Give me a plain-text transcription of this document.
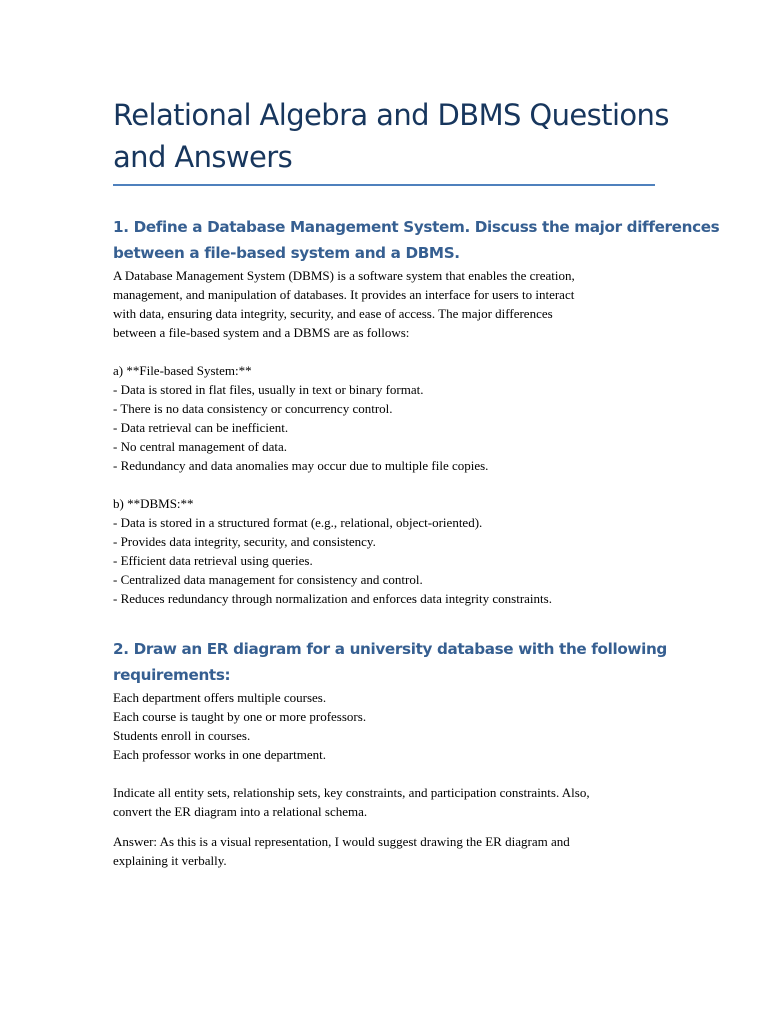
Relational Algebra and DBMS Questions
and Answers
1. Define a Database Management System. Discuss the major differences
between a file-based system and a DBMS.

A Database Management System (DBMS) is a software system that enables the creation,
management, and manipulation of databases. It provides an interface for users to interact
with data, ensuring data integrity, security, and ease of access. The major differences
between a file-based system and a DBMS are as follows:

a) **File-based System:**
- Data is stored in flat files, usually in text or binary format.
- There is no data consistency or concurrency control.
- Data retrieval can be inefficient.
- No central management of data.
- Redundancy and data anomalies may occur due to multiple file copies.

b) **DBMS:**
- Data is stored in a structured format (e.g., relational, object-oriented).
- Provides data integrity, security, and consistency.
- Efficient data retrieval using queries.
- Centralized data management for consistency and control.
- Reduces redundancy through normalization and enforces data integrity constraints.

2. Draw an ER diagram for a university database with the following
requirements:

Each department offers multiple courses.
Each course is taught by one or more professors.
Students enroll in courses.
Each professor works in one department.

Indicate all entity sets, relationship sets, key constraints, and participation constraints. Also,
convert the ER diagram into a relational schema.

Answer: As this is a visual representation, I would suggest drawing the ER diagram and
explaining it verbally.
